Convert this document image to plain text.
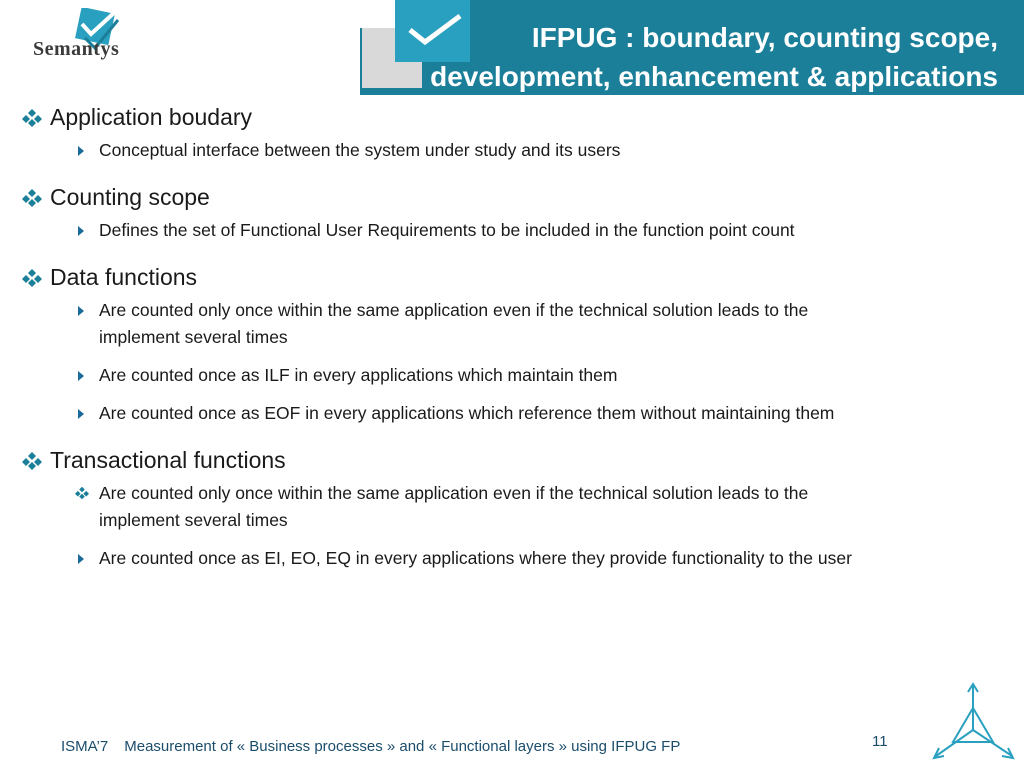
Semantys	IFPUG : boundary, counting scope,
development, enhancement & applications
Application boudary
Conceptual interface between the system under study and its users
Counting scope
Defines the set of Functional User Requirements to be included in the function point count
Data functions
Are counted only once within the same application even if the technical solution leads to the
implement several times
Are counted once as ILF in every applications which maintain them
Are counted once as EOF in every applications which reference them without maintaining them
Transactional functions
Are counted only once within the same application even if the technical solution leads to the
implement several times
Are counted once as EI, EO, EQ in every applications where they provide functionality to the user
ISMA’7 Measurement of « Business processes » and « Functional layers » using IFPUG FP	11
